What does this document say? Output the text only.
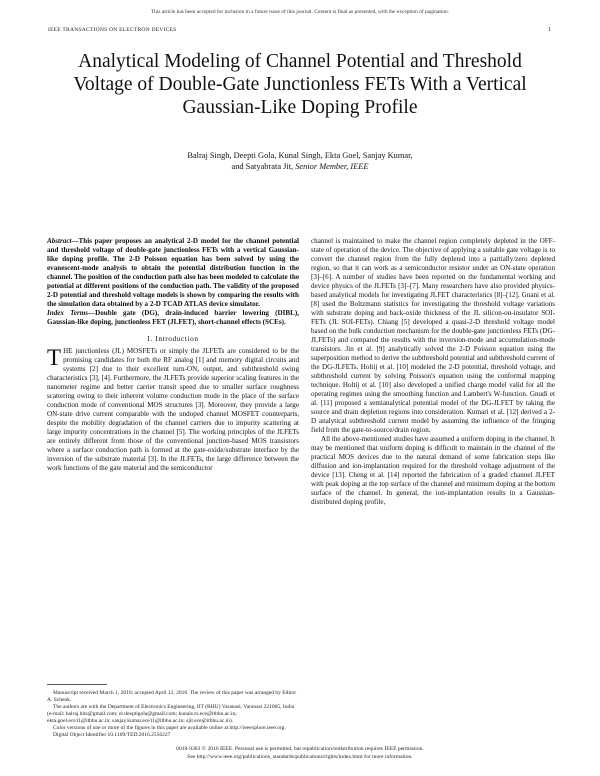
This article has been accepted for inclusion in a future issue of this journal. Content is final as presented, with the exception of pagination.
IEEE TRANSACTIONS ON ELECTRON DEVICES	1
Analytical Modeling of Channel Potential and Threshold Voltage of Double-Gate Junctionless FETs With a Vertical Gaussian-Like Doping Profile
Balraj Singh, Deepti Gola, Kunal Singh, Ekta Goel, Sanjay Kumar,
and Satyabrata Jit, Senior Member, IEEE

Abstract—This paper proposes an analytical 2-D model for the channel potential and threshold voltage of double-gate junctionless FETs with a vertical Gaussian-like doping profile. The 2-D Poisson equation has been solved by using the evanescent-mode analysis to obtain the potential distribution function in the channel. The position of the conduction path also has been modeled to calculate the potential at different positions of the conduction path. The validity of the proposed 2-D potential and threshold voltage models is shown by comparing the results with the simulation data obtained by a 2-D TCAD ATLAS device simulator.

Index Terms—Double gate (DG), drain-induced barrier lowering (DIBL), Gaussian-like doping, junctionless FET (JLFET), short-channel effects (SCEs).

I. Introduction

THE junctionless (JL) MOSFETs or simply the JLFETs are considered to be the promising candidates for both the RF analog [1] and memory digital circuits and systems [2] due to their excellent turn-ON, output, and subthreshold swing characteristics [3], [4]. Furthermore, the JLFETs provide superior scaling features in the nanometer regime and better carrier transit speed due to smaller surface roughness scattering owing to their inherent volume conduction mode in the place of the surface conduction mode of conventional MOS structures [3]. Moreover, they provide a large ON-state drive current comparable with the undoped channel MOSFET counterparts, despite the mobility degradation of the channel carriers due to impurity scattering at large impurity concentrations in the channel [5]. The working principles of the JLFETs are entirely different from those of the conventional junction-based MOS transistors where a surface conduction path is formed at the gate-oxide/substrate interface by the inversion of the substrate material [3]. In the JLFETs, the large difference between the work functions of the gate material and the semiconductor

channel is maintained to make the channel region completely depleted in the OFF-state of operation of the device. The objective of applying a suitable gate voltage is to convert the channel region from the fully depleted into a partially/zero depleted region, so that it can work as a semiconductor resistor under an ON-state operation [3]–[6]. A number of studies have been reported on the fundamental working and device physics of the JLFETs [3]–[7]. Many researchers have also provided physics-based analytical models for investigating JLFET characteristics [8]–[12]. Gnani et al. [8] used the Boltzmann statistics for investigating the threshold voltage variations with substrate doping and back-oxide thickness of the JL silicon-on-insulator SOI-FETs (JL SOI-FETs). Chiang [5] developed a quasi-2-D threshold voltage model based on the bulk conduction mechanism for the double-gate junctionless FETs (DG-JLFETs) and compared the results with the inversion-mode and accumulation-mode transistors. Jin et al. [9] analytically solved the 2-D Poisson equation using the superposition method to derive the subthreshold potential and subthreshold current of the DG-JLFETs. Holtij et al. [10] modeled the 2-D potential, threshold voltage, and subthreshold current by solving Poisson's equation using the conformal mapping technique. Holtij et al. [10] also developed a unified charge model valid for all the operating regimes using the smoothing function and Lambert's W-function. Gnudi et al. [11] proposed a semianalytical potential model of the DG-JLFET by taking the source and drain depletion regions into consideration. Kumari et al. [12] derived a 2-D analytical subthreshold current model by assuming the influence of the fringing field from the gate-to-source/drain region.

All the above-mentioned studies have assumed a uniform doping in the channel. It may be mentioned that uniform doping is difficult to maintain in the channel of the practical MOS devices due to the natural demand of some fabrication steps like diffusion and ion-implantation required for the threshold voltage adjustment of the device [13]. Cheng et al. [14] reported the fabrication of a graded channel JLFET with peak doping at the top surface of the channel and minimum doping at the bottom surface of the channel. In general, the ion-implantation results in a Gaussian-distributed doping profile,

Manuscript received March 1, 2016; accepted April 12, 2016. The review of this paper was arranged by Editor A. Schenk.

The authors are with the Department of Electronics Engineering, IIT (BHU) Varanasi, Varanasi 221005, India (e-mail: balraj.bits@gmail.com; er.deeptigola@gmail.com; kunals.rs.ece@itbhu.ac.in; ekta.goel.ece11@itbhu.ac.in; sanjay.kumar.ece11@itbhu.ac.in; sjit.ece@itbhu.ac.in).

Color versions of one or more of the figures in this paper are available online at http://ieeexplore.ieee.org.

Digital Object Identifier 10.1109/TED.2016.2556227

0018-9383 © 2016 IEEE. Personal use is permitted, but republication/redistribution requires IEEE permission.
See http://www.ieee.org/publications_standards/publications/rights/index.html for more information.
